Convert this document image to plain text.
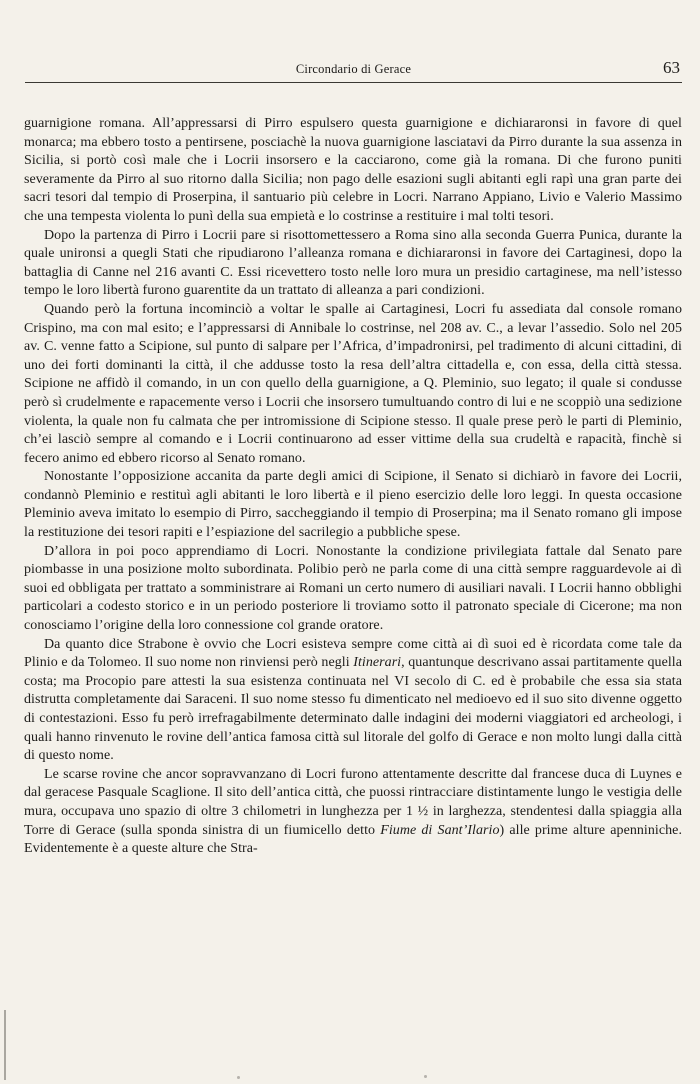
Circondario di Gerace	63

guarnigione romana. All’appressarsi di Pirro espulsero questa guarnigione e dichiararonsi in favore di quel monarca; ma ebbero tosto a pentirsene, posciachè la nuova guarnigione lasciatavi da Pirro durante la sua assenza in Sicilia, si portò così male che i Locrii insorsero e la cacciarono, come già la romana. Di che furono puniti severamente da Pirro al suo ritorno dalla Sicilia; non pago delle esazioni sugli abitanti egli rapì una gran parte dei sacri tesori dal tempio di Proserpina, il santuario più celebre in Locri. Narrano Appiano, Livio e Valerio Massimo che una tempesta violenta lo punì della sua empietà e lo costrinse a restituire i mal tolti tesori.

Dopo la partenza di Pirro i Locrii pare si risottomettessero a Roma sino alla seconda Guerra Punica, durante la quale unironsi a quegli Stati che ripudiarono l’alleanza romana e dichiararonsi in favore dei Cartaginesi, dopo la battaglia di Canne nel 216 avanti C. Essi ricevettero tosto nelle loro mura un presidio cartaginese, ma nell’istesso tempo le loro libertà furono guarentite da un trattato di alleanza a pari condizioni.

Quando però la fortuna incominciò a voltar le spalle ai Cartaginesi, Locri fu assediata dal console romano Crispino, ma con mal esito; e l’appressarsi di Annibale lo costrinse, nel 208 av. C., a levar l’assedio. Solo nel 205 av. C. venne fatto a Scipione, sul punto di salpare per l’Africa, d’impadronirsi, pel tradimento di alcuni cittadini, di uno dei forti dominanti la città, il che addusse tosto la resa dell’altra cittadella e, con essa, della città stessa. Scipione ne affidò il comando, in un con quello della guarnigione, a Q. Pleminio, suo legato; il quale si condusse però sì crudelmente e rapacemente verso i Locrii che insorsero tumultuando contro di lui e ne scoppiò una sedizione violenta, la quale non fu calmata che per intromissione di Scipione stesso. Il quale prese però le parti di Pleminio, ch’ei lasciò sempre al comando e i Locrii continuarono ad esser vittime della sua crudeltà e rapacità, finchè si fecero animo ed ebbero ricorso al Senato romano.

Nonostante l’opposizione accanita da parte degli amici di Scipione, il Senato si dichiarò in favore dei Locrii, condannò Pleminio e restituì agli abitanti le loro libertà e il pieno esercizio delle loro leggi. In questa occasione Pleminio aveva imitato lo esempio di Pirro, saccheggiando il tempio di Proserpina; ma il Senato romano gli impose la restituzione dei tesori rapiti e l’espiazione del sacrilegio a pubbliche spese.

D’allora in poi poco apprendiamo di Locri. Nonostante la condizione privilegiata fattale dal Senato pare piombasse in una posizione molto subordinata. Polibio però ne parla come di una città sempre ragguardevole ai dì suoi ed obbligata per trattato a somministrare ai Romani un certo numero di ausiliari navali. I Locrii hanno obblighi particolari a codesto storico e in un periodo posteriore li troviamo sotto il patronato speciale di Cicerone; ma non conosciamo l’origine della loro connessione col grande oratore.

Da quanto dice Strabone è ovvio che Locri esisteva sempre come città ai dì suoi ed è ricordata come tale da Plinio e da Tolomeo. Il suo nome non rinviensi però negli Itinerari, quantunque descrivano assai partitamente quella costa; ma Procopio pare attesti la sua esistenza continuata nel VI secolo di C. ed è probabile che essa sia stata distrutta completamente dai Saraceni. Il suo nome stesso fu dimenticato nel medioevo ed il suo sito divenne oggetto di contestazioni. Esso fu però irrefragabilmente determinato dalle indagini dei moderni viaggiatori ed archeologi, i quali hanno rinvenuto le rovine dell’antica famosa città sul litorale del golfo di Gerace e non molto lungi dalla città di questo nome.

Le scarse rovine che ancor sopravvanzano di Locri furono attentamente descritte dal francese duca di Luynes e dal geracese Pasquale Scaglione. Il sito dell’antica città, che puossi rintracciare distintamente lungo le vestigia delle mura, occupava uno spazio di oltre 3 chilometri in lunghezza per 1 ½ in larghezza, stendentesi dalla spiaggia alla Torre di Gerace (sulla sponda sinistra di un fiumicello detto Fiume di Sant’Ilario) alle prime alture apenniniche. Evidentemente è a queste alture che Stra-
